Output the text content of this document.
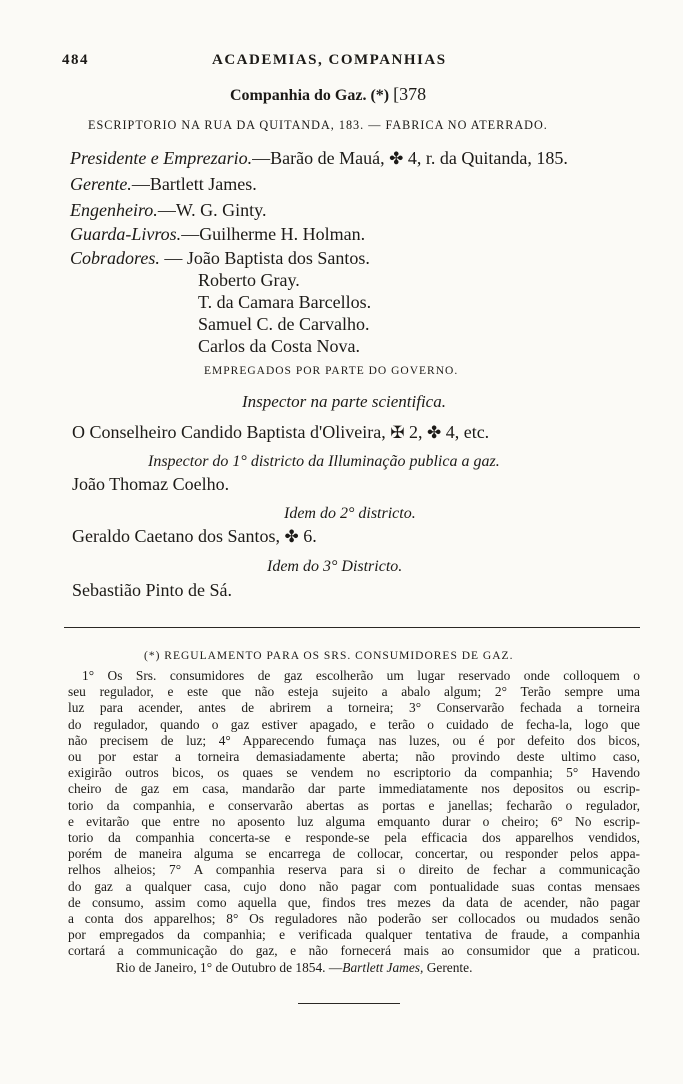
484	ACADEMIAS, COMPANHIAS
Companhia do Gaz. (*) [378
ESCRIPTORIO NA RUA DA QUITANDA, 183. — FABRICA NO ATERRADO.
Presidente e Emprezario.—Barão de Mauá, ✤ 4, r. da Quitanda, 185.
Gerente.—Bartlett James.
Engenheiro.—W. G. Ginty.
Guarda-Livros.—Guilherme H. Holman.
Cobradores. — João Baptista dos Santos.
Roberto Gray.
T. da Camara Barcellos.
Samuel C. de Carvalho.
Carlos da Costa Nova.
EMPREGADOS POR PARTE DO GOVERNO.
Inspector na parte scientifica.
O Conselheiro Candido Baptista d'Oliveira, ✠ 2, ✤ 4, etc.
Inspector do 1° districto da Illuminação publica a gaz.
João Thomaz Coelho.
Idem do 2° districto.
Geraldo Caetano dos Santos, ✤ 6.
Idem do 3° Districto.
Sebastião Pinto de Sá.
(*) REGULAMENTO PARA OS SRS. CONSUMIDORES DE GAZ.
1° Os Srs. consumidores de gaz escolherão um lugar reservado onde colloquem o
seu regulador, e este que não esteja sujeito a abalo algum; 2° Terão sempre uma
luz para acender, antes de abrirem a torneira; 3° Conservarão fechada a torneira
do regulador, quando o gaz estiver apagado, e terão o cuidado de fecha-la, logo que
não precisem de luz; 4° Apparecendo fumaça nas luzes, ou é por defeito dos bicos,
ou por estar a torneira demasiadamente aberta; não provindo deste ultimo caso,
exigirão outros bicos, os quaes se vendem no escriptorio da companhia; 5° Havendo
cheiro de gaz em casa, mandarão dar parte immediatamente nos depositos ou escrip-
torio da companhia, e conservarão abertas as portas e janellas; fecharão o regulador,
e evitarão que entre no aposento luz alguma emquanto durar o cheiro; 6° No escrip-
torio da companhia concerta-se e responde-se pela efficacia dos apparelhos vendidos,
porém de maneira alguma se encarrega de collocar, concertar, ou responder pelos appa-
relhos alheios; 7° A companhia reserva para si o direito de fechar a communicação
do gaz a qualquer casa, cujo dono não pagar com pontualidade suas contas mensaes
de consumo, assim como aquella que, findos tres mezes da data de acender, não pagar
a conta dos apparelhos; 8° Os reguladores não poderão ser collocados ou mudados senão
por empregados da companhia; e verificada qualquer tentativa de fraude, a companhia
cortará a communicação do gaz, e não fornecerá mais ao consumidor que a praticou.
Rio de Janeiro, 1° de Outubro de 1854. —Bartlett James, Gerente.
